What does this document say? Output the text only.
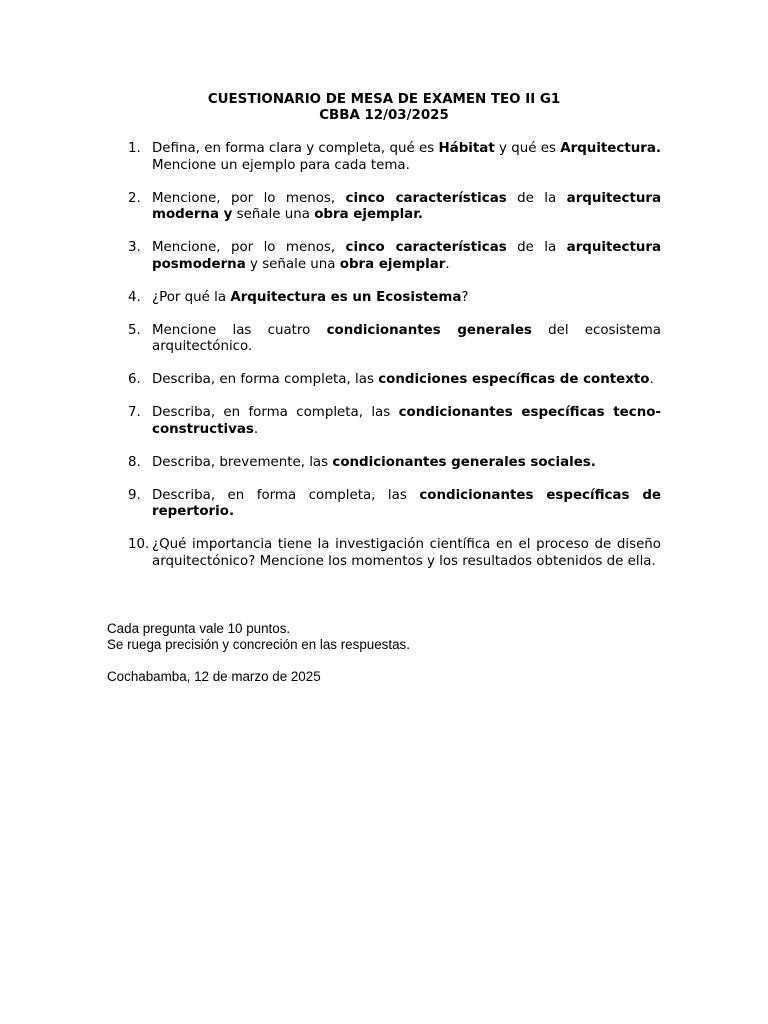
CUESTIONARIO DE MESA DE EXAMEN TEO II G1

CBBA 12/03/2025

1. Defina, en forma clara y completa, qué es Hábitat y qué es Arquitectura. Mencione un ejemplo para cada tema.
2. Mencione, por lo menos, cinco características de la arquitectura moderna y señale una obra ejemplar.
3. Mencione, por lo menos, cinco características de la arquitectura posmoderna y señale una obra ejemplar.
4. ¿Por qué la Arquitectura es un Ecosistema?
5. Mencione las cuatro condicionantes generales del ecosistema arquitectónico.
6. Describa, en forma completa, las condiciones específicas de contexto.
7. Describa, en forma completa, las condicionantes específicas tecno-constructivas.
8. Describa, brevemente, las condicionantes generales sociales.
9. Describa, en forma completa, las condicionantes específicas de repertorio.
10. ¿Qué importancia tiene la investigación científica en el proceso de diseño arquitectónico? Mencione los momentos y los resultados obtenidos de ella.

Cada pregunta vale 10 puntos.

Se ruega precisión y concreción en las respuestas.

Cochabamba, 12 de marzo de 2025
